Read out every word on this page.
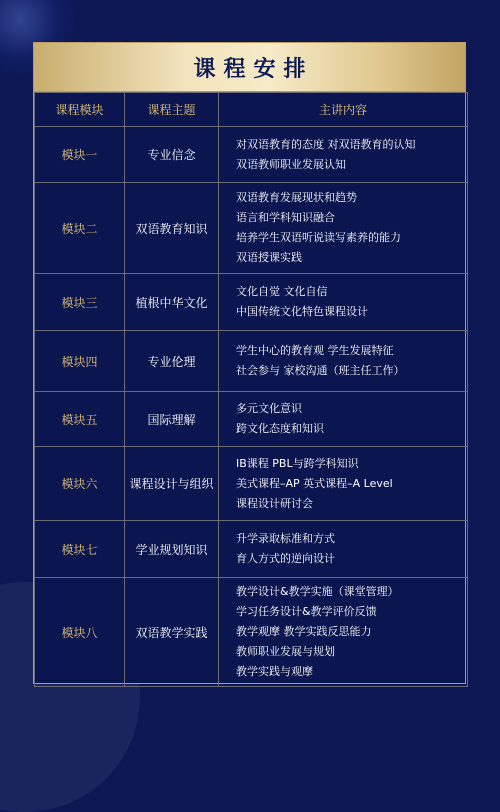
课程安排
课程模块	课程主题	主讲内容
模块一	专业信念	对双语教育的态度 对双语教育的认知
双语教师职业发展认知

模块二	双语教育知识	双语教育发展现状和趋势
语言和学科知识融合
培养学生双语听说读写素养的能力
双语授课实践

模块三	植根中华文化	文化自觉 文化自信
中国传统文化特色课程设计

模块四	专业伦理	学生中心的教育观 学生发展特征
社会参与 家校沟通（班主任工作）

模块五	国际理解	多元文化意识
跨文化态度和知识

模块六	课程设计与组织	IB课程 PBL与跨学科知识
美式课程–AP 英式课程–A Level
课程设计研讨会

模块七	学业规划知识	升学录取标准和方式
育人方式的逆向设计

模块八	双语教学实践	教学设计&教学实施（课堂管理）
学习任务设计&教学评价反馈
教学观摩 教学实践反思能力
教师职业发展与规划
教学实践与观摩
